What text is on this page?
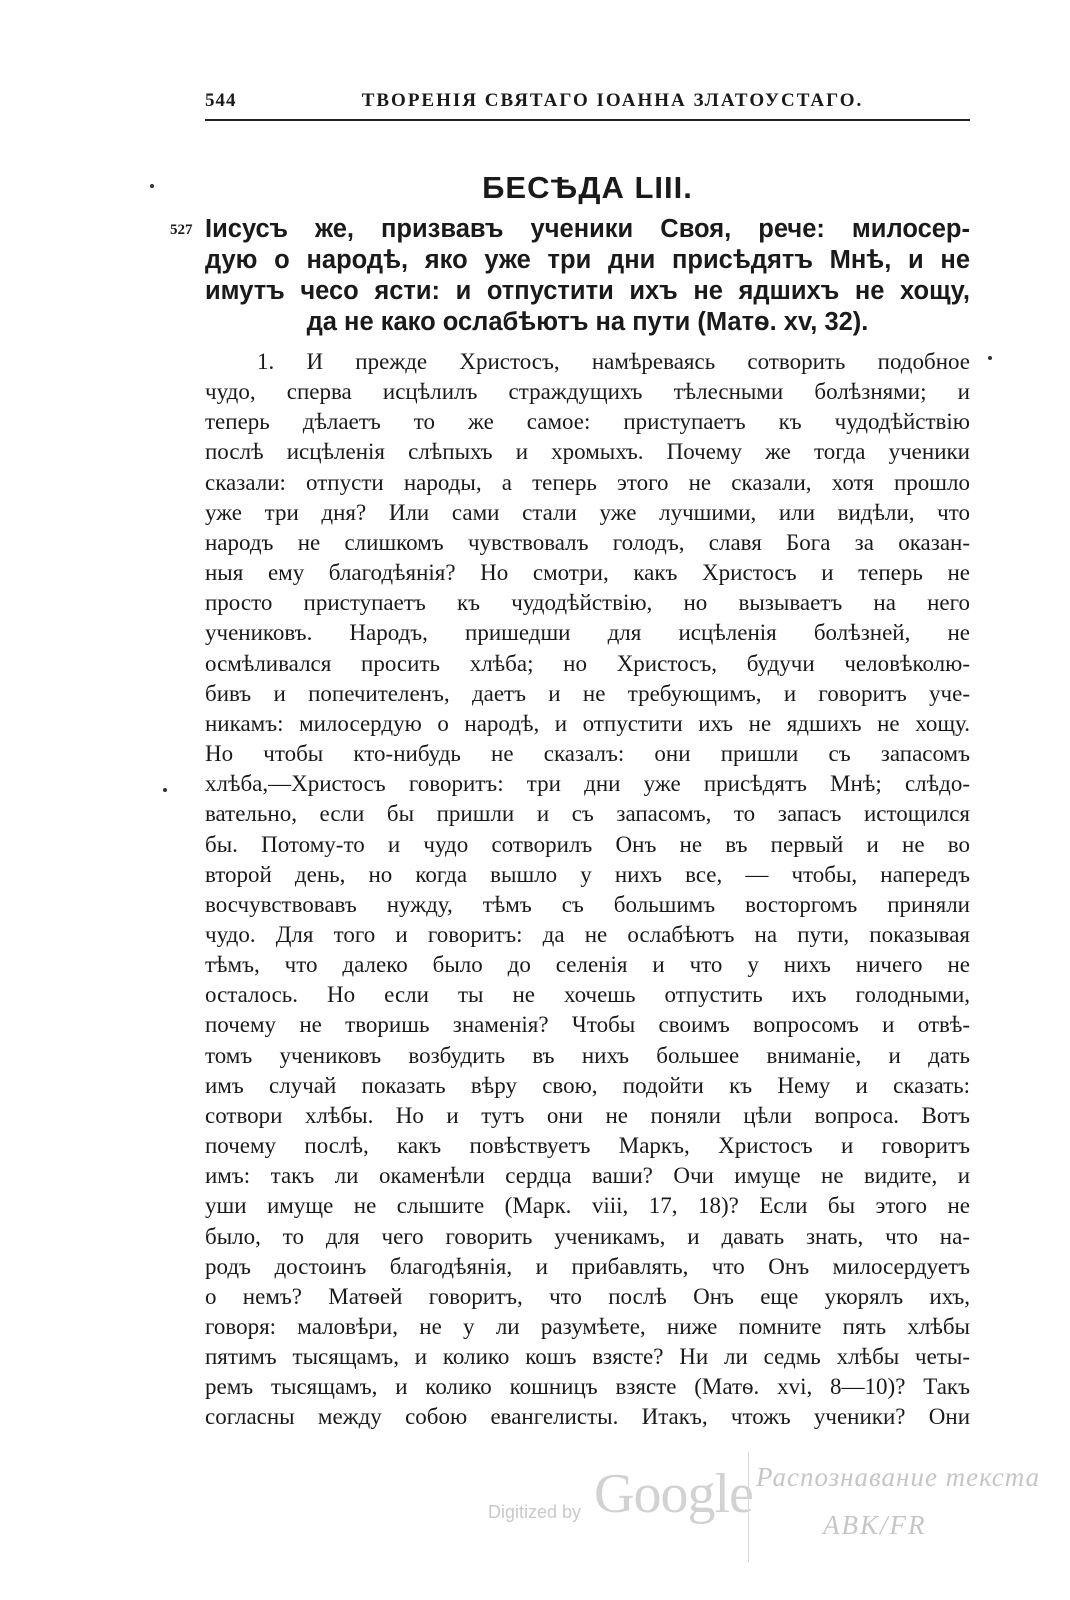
544	ТВОРЕНІЯ СВЯТАГО ІОАННА ЗЛАТОУСТАГО.
БЕСѢДА LIII.
527 Іисусъ же, призвавъ ученики Своя, рече: милосер-
дую о народѣ, яко уже три дни присѣдятъ Мнѣ, и не
имутъ чесо ясти: и отпустити ихъ не ядшихъ не хощу,
да не како ослабѣютъ на пути (Матѳ. xv, 32).
1. И прежде Христосъ, намѣреваясь сотворить подобное
чудо, сперва исцѣлилъ страждущихъ тѣлесными болѣзнями; и
теперь дѣлаетъ то же самое: приступаетъ къ чудодѣйствію
послѣ исцѣленія слѣпыхъ и хромыхъ. Почему же тогда ученики
сказали: отпусти народы, а теперь этого не сказали, хотя прошло
уже три дня? Или сами стали уже лучшими, или видѣли, что
народъ не слишкомъ чувствовалъ голодъ, славя Бога за оказан-
ныя ему благодѣянія? Но смотри, какъ Христосъ и теперь не
просто приступаетъ къ чудодѣйствію, но вызываетъ на него
учениковъ. Народъ, пришедши для исцѣленія болѣзней, не
осмѣливался просить хлѣба; но Христосъ, будучи человѣколю-
бивъ и попечителенъ, даетъ и не требующимъ, и говоритъ уче-
никамъ: милосердую о народѣ, и отпустити ихъ не ядшихъ не хощу.
Но чтобы кто-нибудь не сказалъ: они пришли съ запасомъ
хлѣба,—Христосъ говоритъ: три дни уже присѣдятъ Мнѣ; слѣдо-
вательно, если бы пришли и съ запасомъ, то запасъ истощился
бы. Потому-то и чудо сотворилъ Онъ не въ первый и не во
второй день, но когда вышло у нихъ все, — чтобы, напередъ
восчувствовавъ нужду, тѣмъ съ большимъ восторгомъ приняли
чудо. Для того и говоритъ: да не ослабѣютъ на пути, показывая
тѣмъ, что далеко было до селенія и что у нихъ ничего не
осталось. Но если ты не хочешь отпустить ихъ голодными,
почему не творишь знаменія? Чтобы своимъ вопросомъ и отвѣ-
томъ учениковъ возбудить въ нихъ большее вниманіе, и дать
имъ случай показать вѣру свою, подойти къ Нему и сказать:
сотвори хлѣбы. Но и тутъ они не поняли цѣли вопроса. Вотъ
почему послѣ, какъ повѣствуетъ Маркъ, Христосъ и говоритъ
имъ: такъ ли окаменѣли сердца ваши? Очи имуще не видите, и
уши имуще не слышите (Марк. viii, 17, 18)? Если бы этого не
было, то для чего говорить ученикамъ, и давать знать, что на-
родъ достоинъ благодѣянія, и прибавлять, что Онъ милосердуетъ
о немъ? Матѳей говоритъ, что послѣ Онъ еще укорялъ ихъ,
говоря: маловѣри, не у ли разумѣете, ниже помните пять хлѣбы
пятимъ тысящамъ, и колико кошъ взясте? Ни ли седмь хлѣбы четы-
ремъ тысящамъ, и колико кошницъ взясте (Матѳ. xvi, 8—10)? Такъ
согласны между собою евангелисты. Итакъ, чтожъ ученики? Они
Digitized by Google Распознавание текста
ABK/FR
